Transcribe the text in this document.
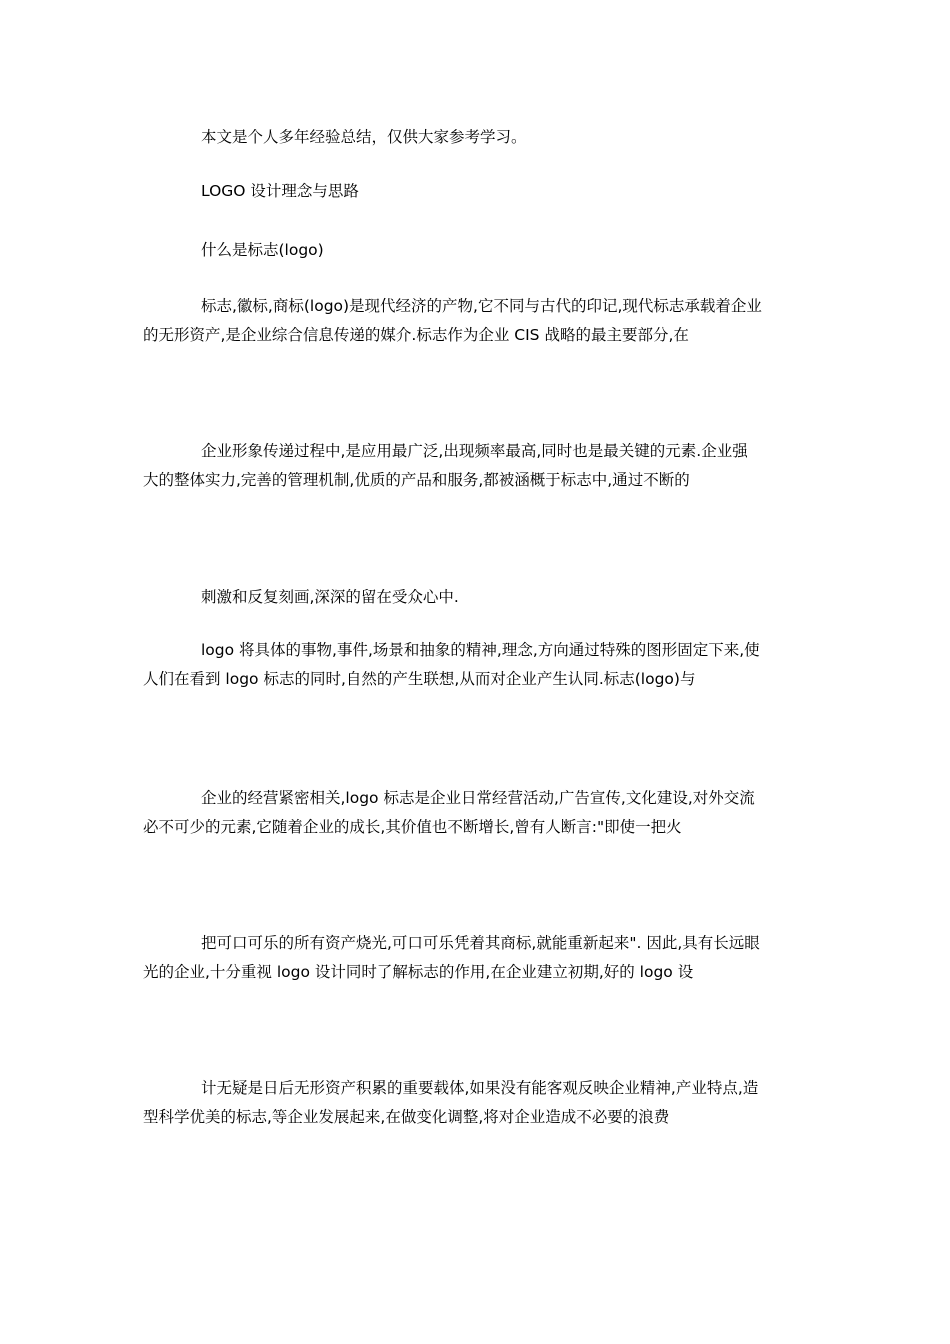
本文是个人多年经验总结，仅供大家参考学习。

LOGO 设计理念与思路

什么是标志(logo)

标志,徽标,商标(logo)是现代经济的产物,它不同与古代的印记,现代标志承载着企业
的无形资产,是企业综合信息传递的媒介.标志作为企业 CIS 战略的最主要部分,在

企业形象传递过程中,是应用最广泛,出现频率最高,同时也是最关键的元素.企业强
大的整体实力,完善的管理机制,优质的产品和服务,都被涵概于标志中,通过不断的

刺激和反复刻画,深深的留在受众心中.

logo 将具体的事物,事件,场景和抽象的精神,理念,方向通过特殊的图形固定下来,使
人们在看到 logo 标志的同时,自然的产生联想,从而对企业产生认同.标志(logo)与

企业的经营紧密相关,logo 标志是企业日常经营活动,广告宣传,文化建设,对外交流
必不可少的元素,它随着企业的成长,其价值也不断增长,曾有人断言:"即使一把火

把可口可乐的所有资产烧光,可口可乐凭着其商标,就能重新起来". 因此,具有长远眼
光的企业,十分重视 logo 设计同时了解标志的作用,在企业建立初期,好的 logo 设

计无疑是日后无形资产积累的重要载体,如果没有能客观反映企业精神,产业特点,造
型科学优美的标志,等企业发展起来,在做变化调整,将对企业造成不必要的浪费
